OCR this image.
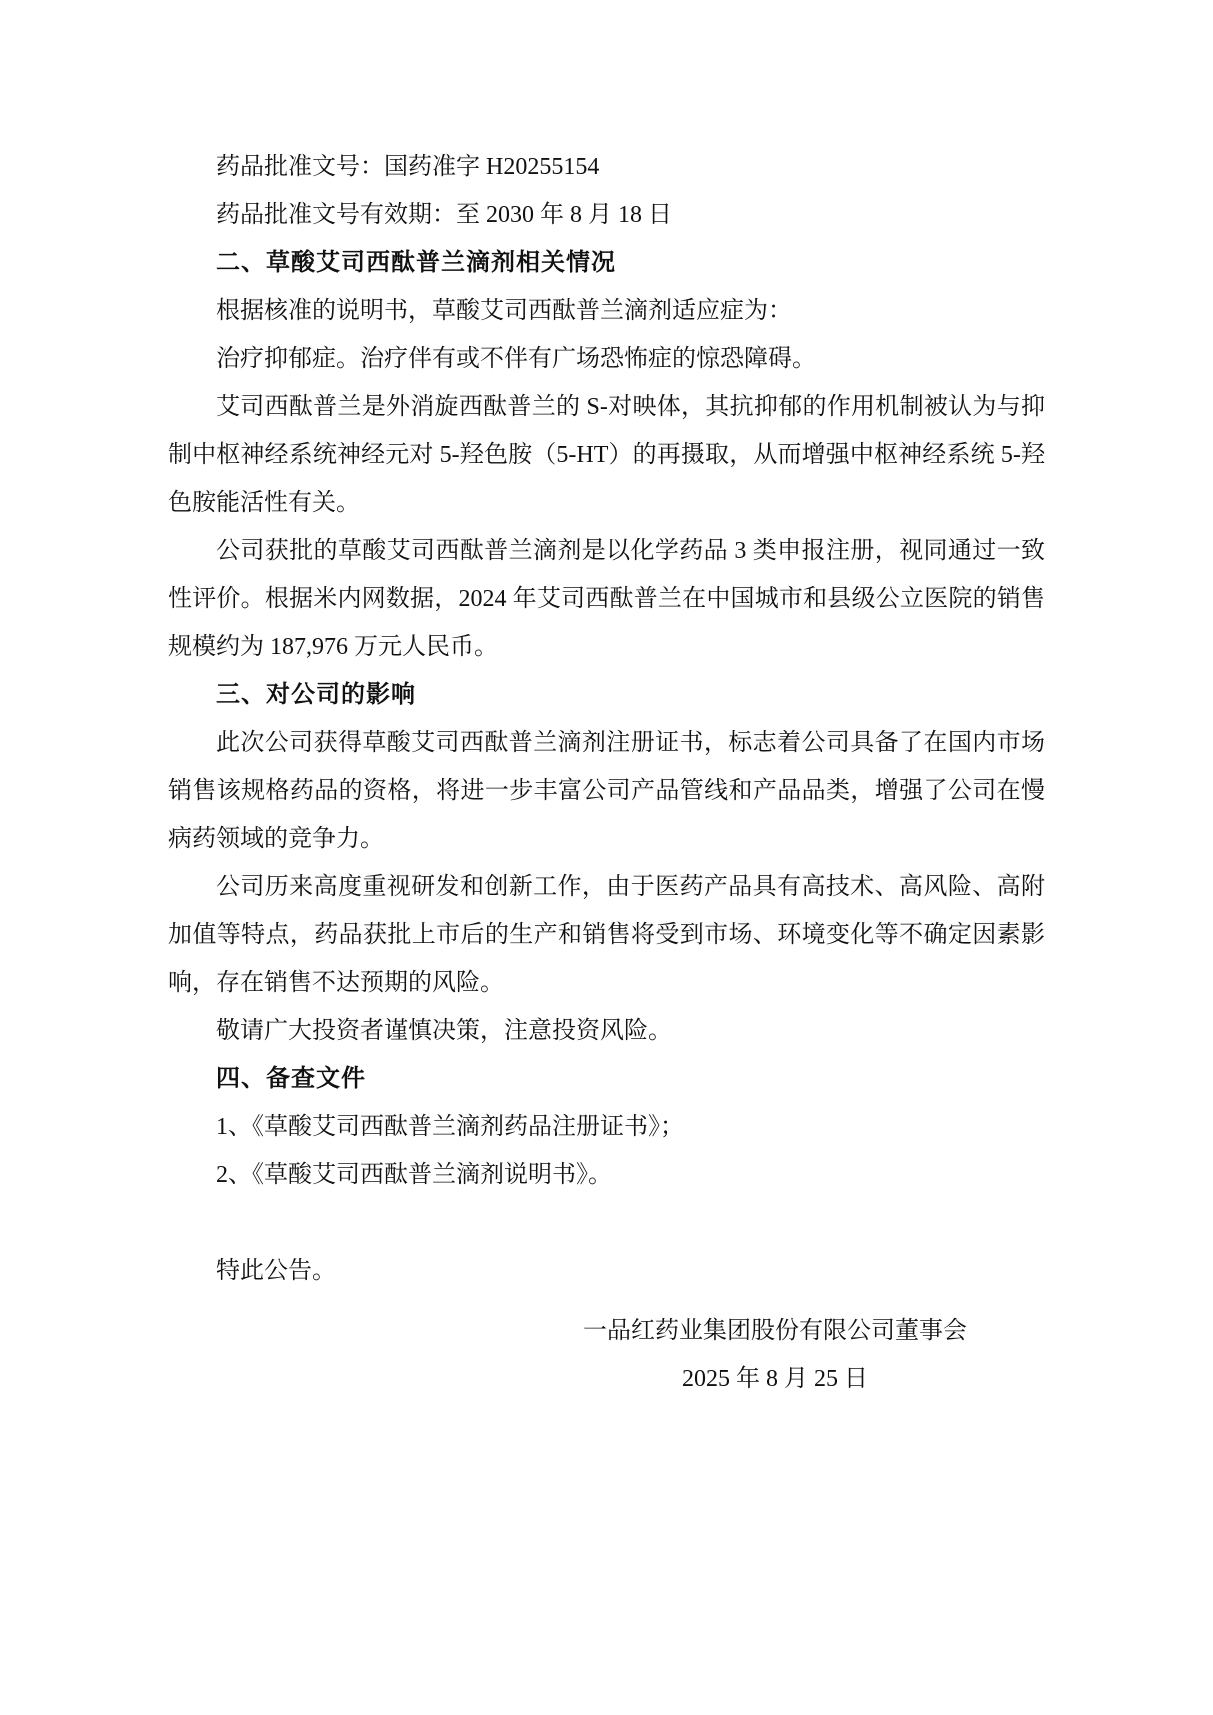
药品批准文号：国药准字 H20255154
药品批准文号有效期：至 2030 年 8 月 18 日
二、草酸艾司西酞普兰滴剂相关情况
根据核准的说明书，草酸艾司西酞普兰滴剂适应症为：
治疗抑郁症。治疗伴有或不伴有广场恐怖症的惊恐障碍。
艾司西酞普兰是外消旋西酞普兰的 S-对映体，其抗抑郁的作用机制被认为与抑制中枢神经系统神经元对 5-羟色胺（5-HT）的再摄取，从而增强中枢神经系统 5-羟色胺能活性有关。
公司获批的草酸艾司西酞普兰滴剂是以化学药品 3 类申报注册，视同通过一致性评价。根据米内网数据，2024 年艾司西酞普兰在中国城市和县级公立医院的销售规模约为 187,976 万元人民币。
三、对公司的影响
此次公司获得草酸艾司西酞普兰滴剂注册证书，标志着公司具备了在国内市场销售该规格药品的资格，将进一步丰富公司产品管线和产品品类，增强了公司在慢病药领域的竞争力。
公司历来高度重视研发和创新工作，由于医药产品具有高技术、高风险、高附加值等特点，药品获批上市后的生产和销售将受到市场、环境变化等不确定因素影响，存在销售不达预期的风险。
敬请广大投资者谨慎决策，注意投资风险。
四、备查文件
1、《草酸艾司西酞普兰滴剂药品注册证书》；
2、《草酸艾司西酞普兰滴剂说明书》。
特此公告。
一品红药业集团股份有限公司董事会
2025 年 8 月 25 日
